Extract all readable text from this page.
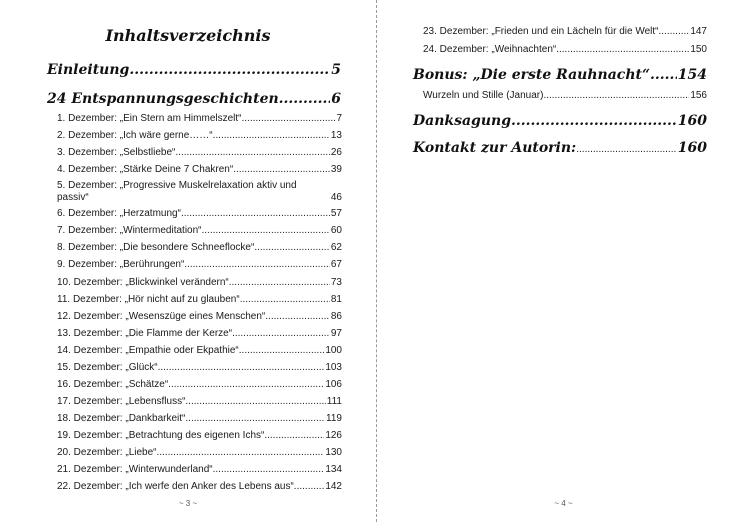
Inhaltsverzeichnis
Einleitung .....	5
24 Entspannungsgeschichten .....	6
1. Dezember: „Ein Stern am Himmelszelt“ .....	7
2. Dezember: „Ich wäre gerne……“ .....	13
3. Dezember: „Selbstliebe“ .....	26
4. Dezember: „Stärke Deine 7 Chakren“ .....	39
5. Dezember: „Progressive Muskelrelaxation aktiv und
passiv“	46
6. Dezember: „Herzatmung“ .....	57
7. Dezember: „Wintermeditation“ .....	60
8. Dezember: „Die besondere Schneeflocke“ .....	62
9. Dezember: „Berührungen“ .....	67
10. Dezember: „Blickwinkel verändern“ .....	73
11. Dezember: „Hör nicht auf zu glauben“ .....	81
12. Dezember: „Wesenszüge eines Menschen“ .....	86
13. Dezember: „Die Flamme der Kerze“ .....	97
14. Dezember: „Empathie oder Ekpathie“ .....	100
15. Dezember: „Glück“ .....	103
16. Dezember: „Schätze“ .....	106
17. Dezember: „Lebensfluss“ .....	111
18. Dezember: „Dankbarkeit“ .....	119
19. Dezember: „Betrachtung des eigenen Ichs“ .....	126
20. Dezember: „Liebe“ .....	130
21. Dezember: „Winterwunderland“ .....	134
22. Dezember: „Ich werfe den Anker des Lebens aus“ .....	142
~ 3 ~
23. Dezember: „Frieden und ein Lächeln für die Welt“ .....	147
24. Dezember: „Weihnachten“ .....	150
Bonus: „Die erste Rauhnacht“ ..... 154
Wurzeln und Stille (Januar) .....	156
Danksagung .....	160
Kontakt zur Autorin: .....	160
~ 4 ~
